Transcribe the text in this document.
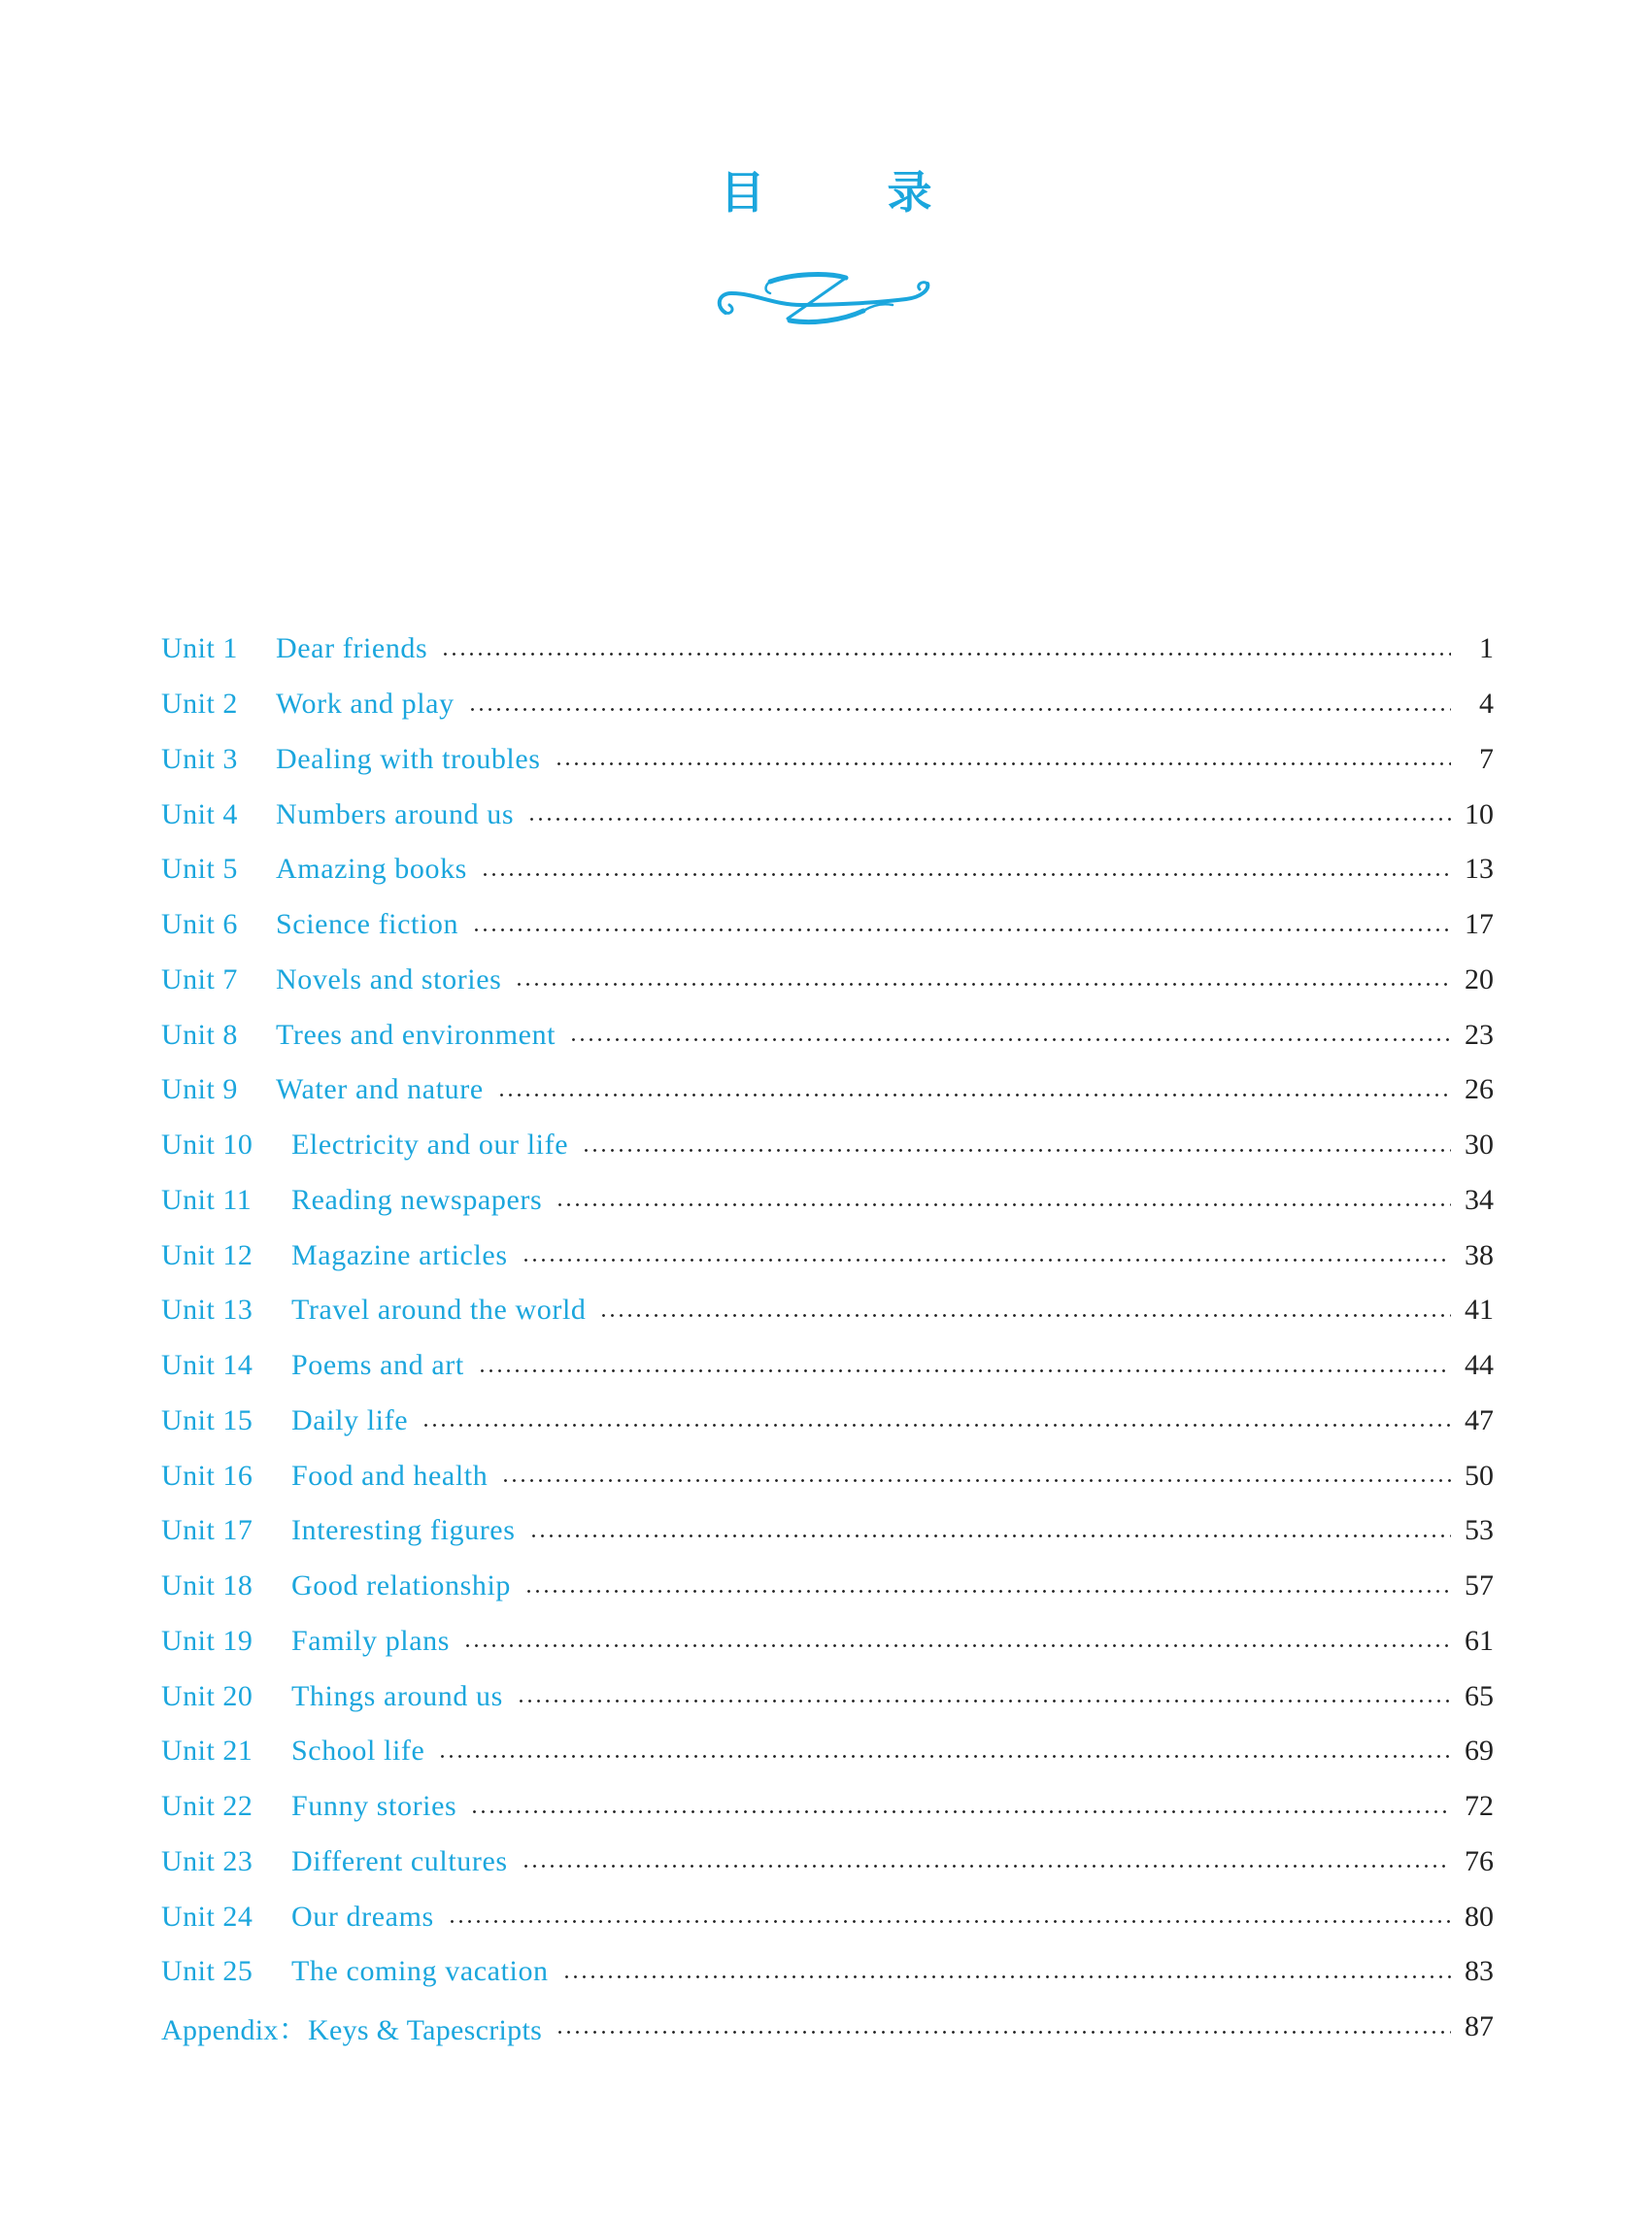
目	录
Unit 1	Dear friends	1
Unit 2	Work and play	4
Unit 3	Dealing with troubles	7
Unit 4	Numbers around us	10
Unit 5	Amazing books	13
Unit 6	Science fiction	17
Unit 7	Novels and stories	20
Unit 8	Trees and environment	23
Unit 9	Water and nature	26
Unit 10	Electricity and our life	30
Unit 11	Reading newspapers	34
Unit 12	Magazine articles	38
Unit 13	Travel around the world	41
Unit 14	Poems and art	44
Unit 15	Daily life	47
Unit 16	Food and health	50
Unit 17	Interesting figures	53
Unit 18	Good relationship	57
Unit 19	Family plans	61
Unit 20	Things around us	65
Unit 21	School life	69
Unit 22	Funny stories	72
Unit 23	Different cultures	76
Unit 24	Our dreams	80
Unit 25	The coming vacation	83
Appendix：Keys & Tapescripts	87
